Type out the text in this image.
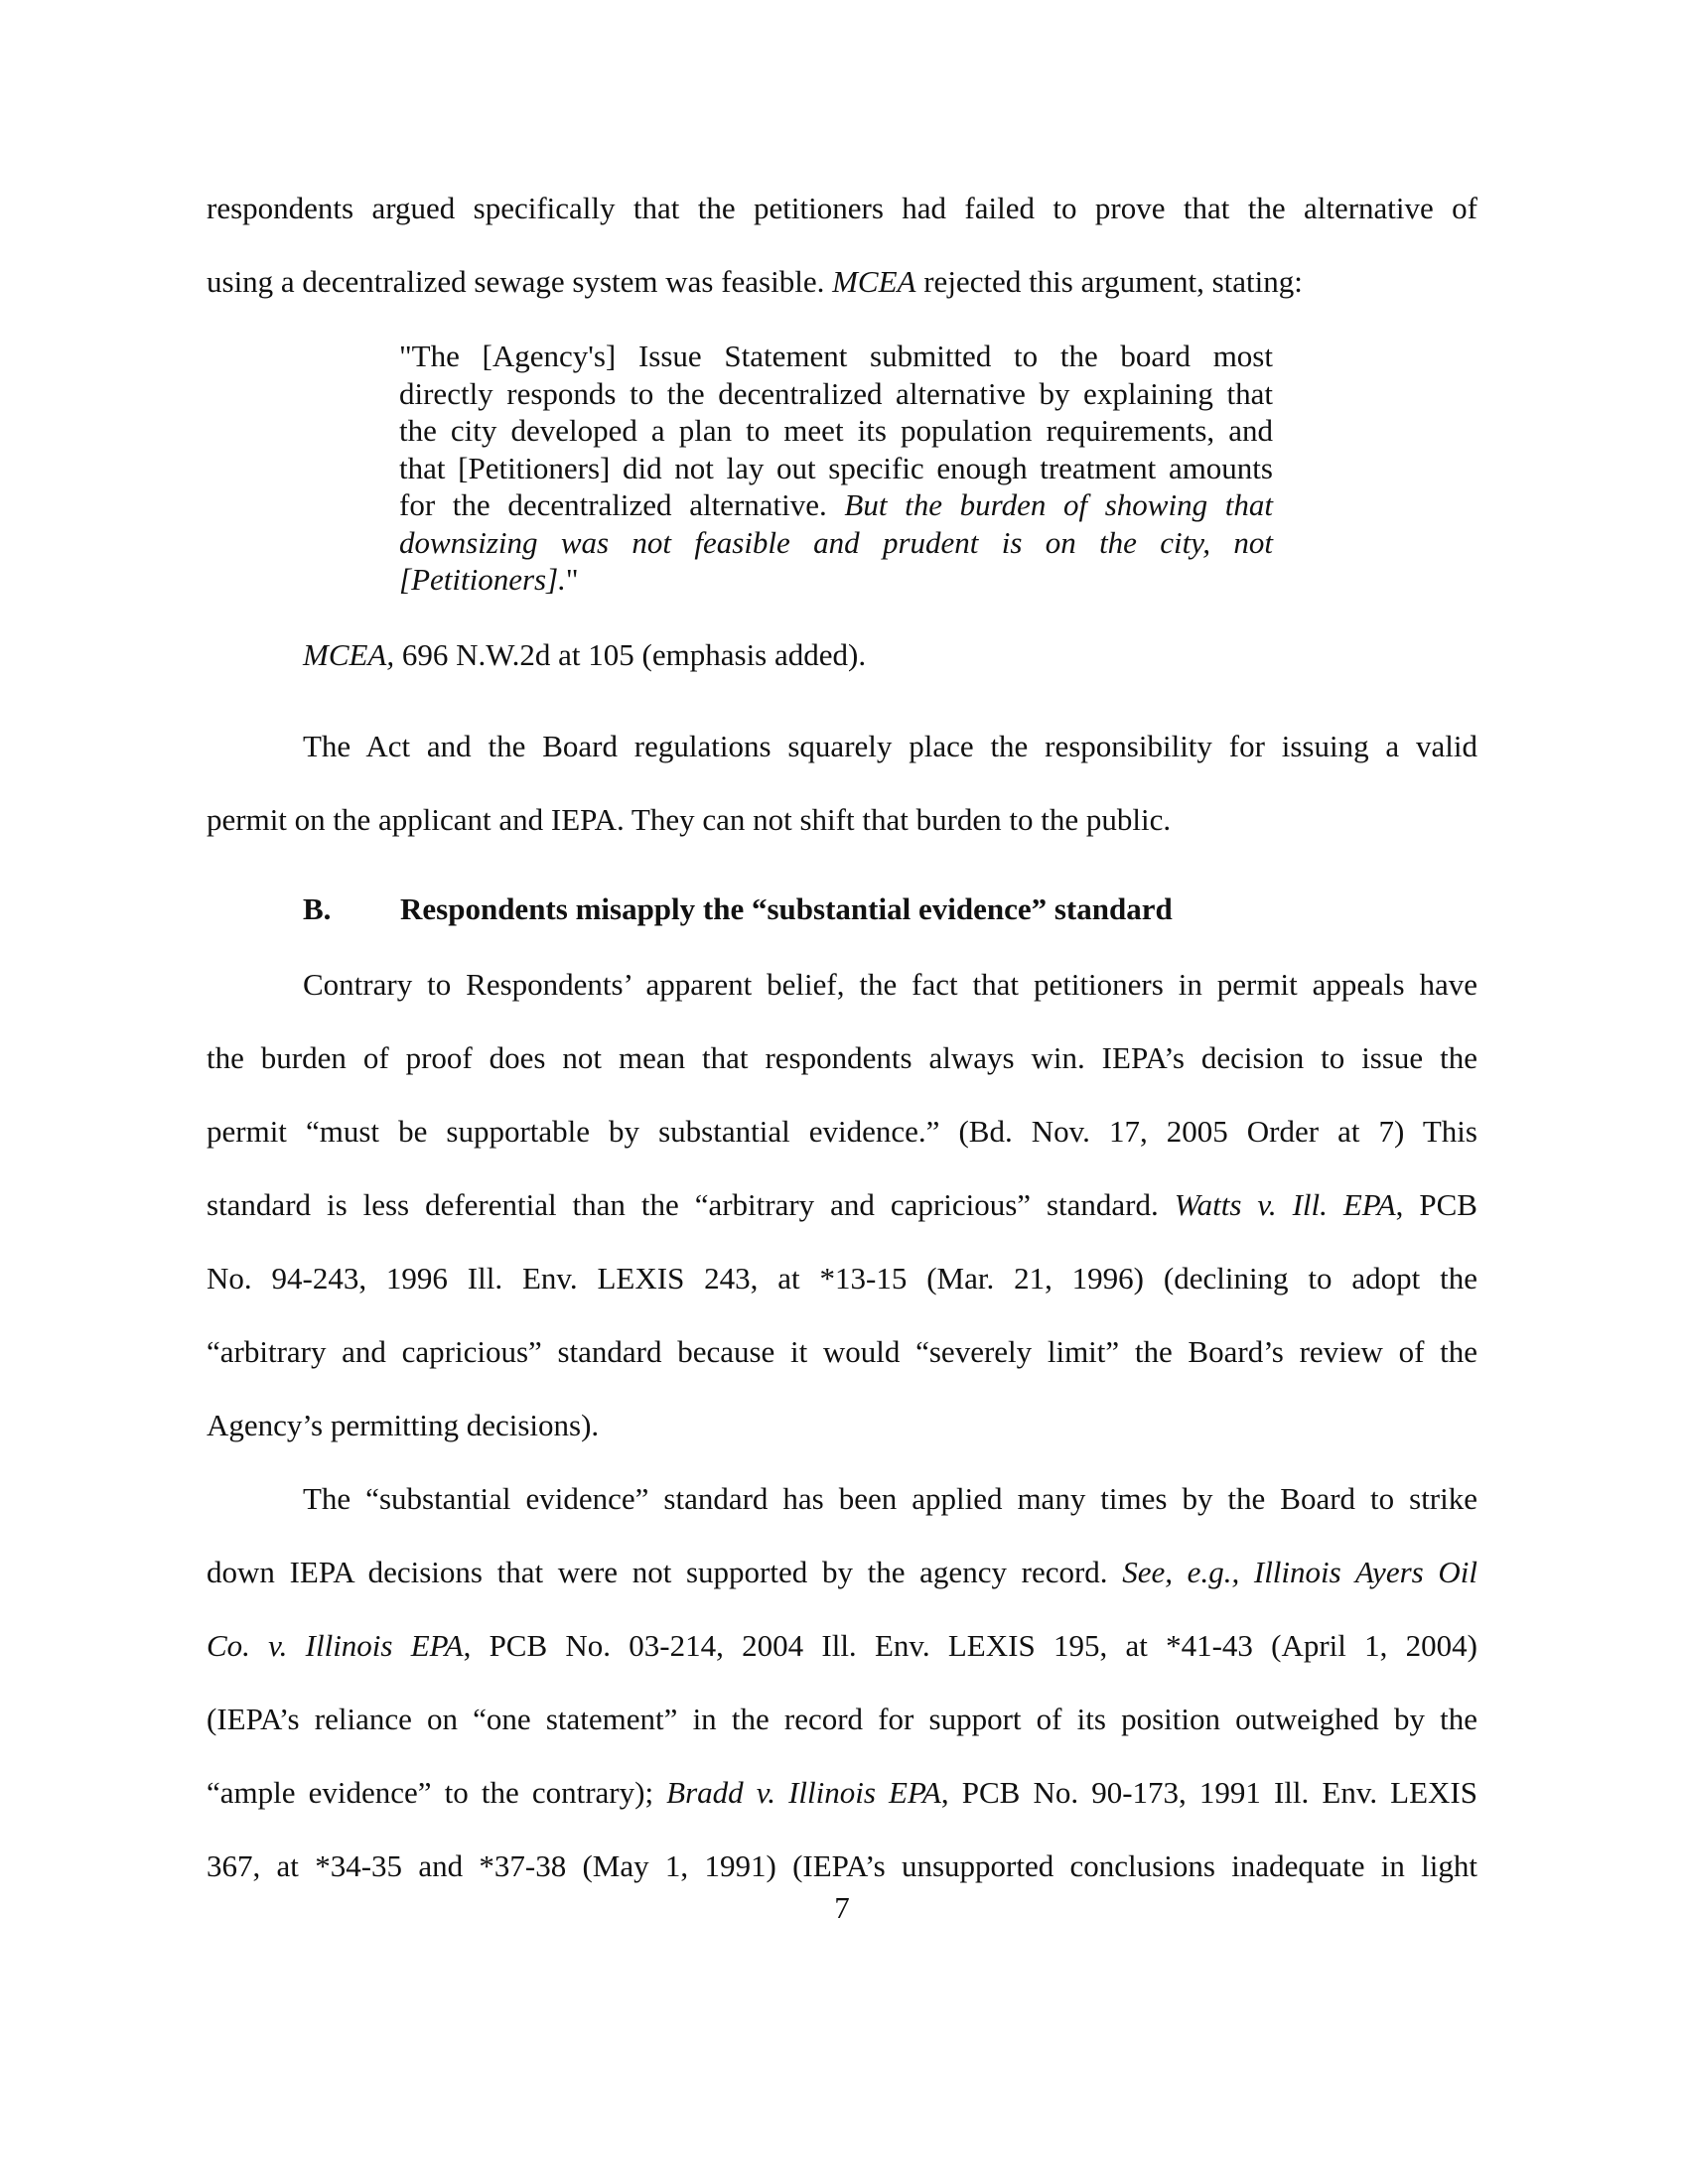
respondents argued specifically that the petitioners had failed to prove that the alternative of
using a decentralized sewage system was feasible. MCEA rejected this argument, stating:
"The [Agency's] Issue Statement submitted to the board most
directly responds to the decentralized alternative by explaining that
the city developed a plan to meet its population requirements, and
that [Petitioners] did not lay out specific enough treatment amounts
for the decentralized alternative. But the burden of showing that
downsizing was not feasible and prudent is on the city, not
[Petitioners]."
MCEA, 696 N.W.2d at 105 (emphasis added).
The Act and the Board regulations squarely place the responsibility for issuing a valid
permit on the applicant and IEPA. They can not shift that burden to the public.
B. Respondents misapply the “substantial evidence” standard
Contrary to Respondents’ apparent belief, the fact that petitioners in permit appeals have
the burden of proof does not mean that respondents always win. IEPA’s decision to issue the
permit “must be supportable by substantial evidence.” (Bd. Nov. 17, 2005 Order at 7) This
standard is less deferential than the “arbitrary and capricious” standard. Watts v. Ill. EPA, PCB
No. 94-243, 1996 Ill. Env. LEXIS 243, at *13-15 (Mar. 21, 1996) (declining to adopt the
“arbitrary and capricious” standard because it would “severely limit” the Board’s review of the
Agency’s permitting decisions).
The “substantial evidence” standard has been applied many times by the Board to strike
down IEPA decisions that were not supported by the agency record. See, e.g., Illinois Ayers Oil
Co. v. Illinois EPA, PCB No. 03-214, 2004 Ill. Env. LEXIS 195, at *41-43 (April 1, 2004)
(IEPA’s reliance on “one statement” in the record for support of its position outweighed by the
“ample evidence” to the contrary); Bradd v. Illinois EPA, PCB No. 90-173, 1991 Ill. Env. LEXIS
367, at *34-35 and *37-38 (May 1, 1991) (IEPA’s unsupported conclusions inadequate in light
7
